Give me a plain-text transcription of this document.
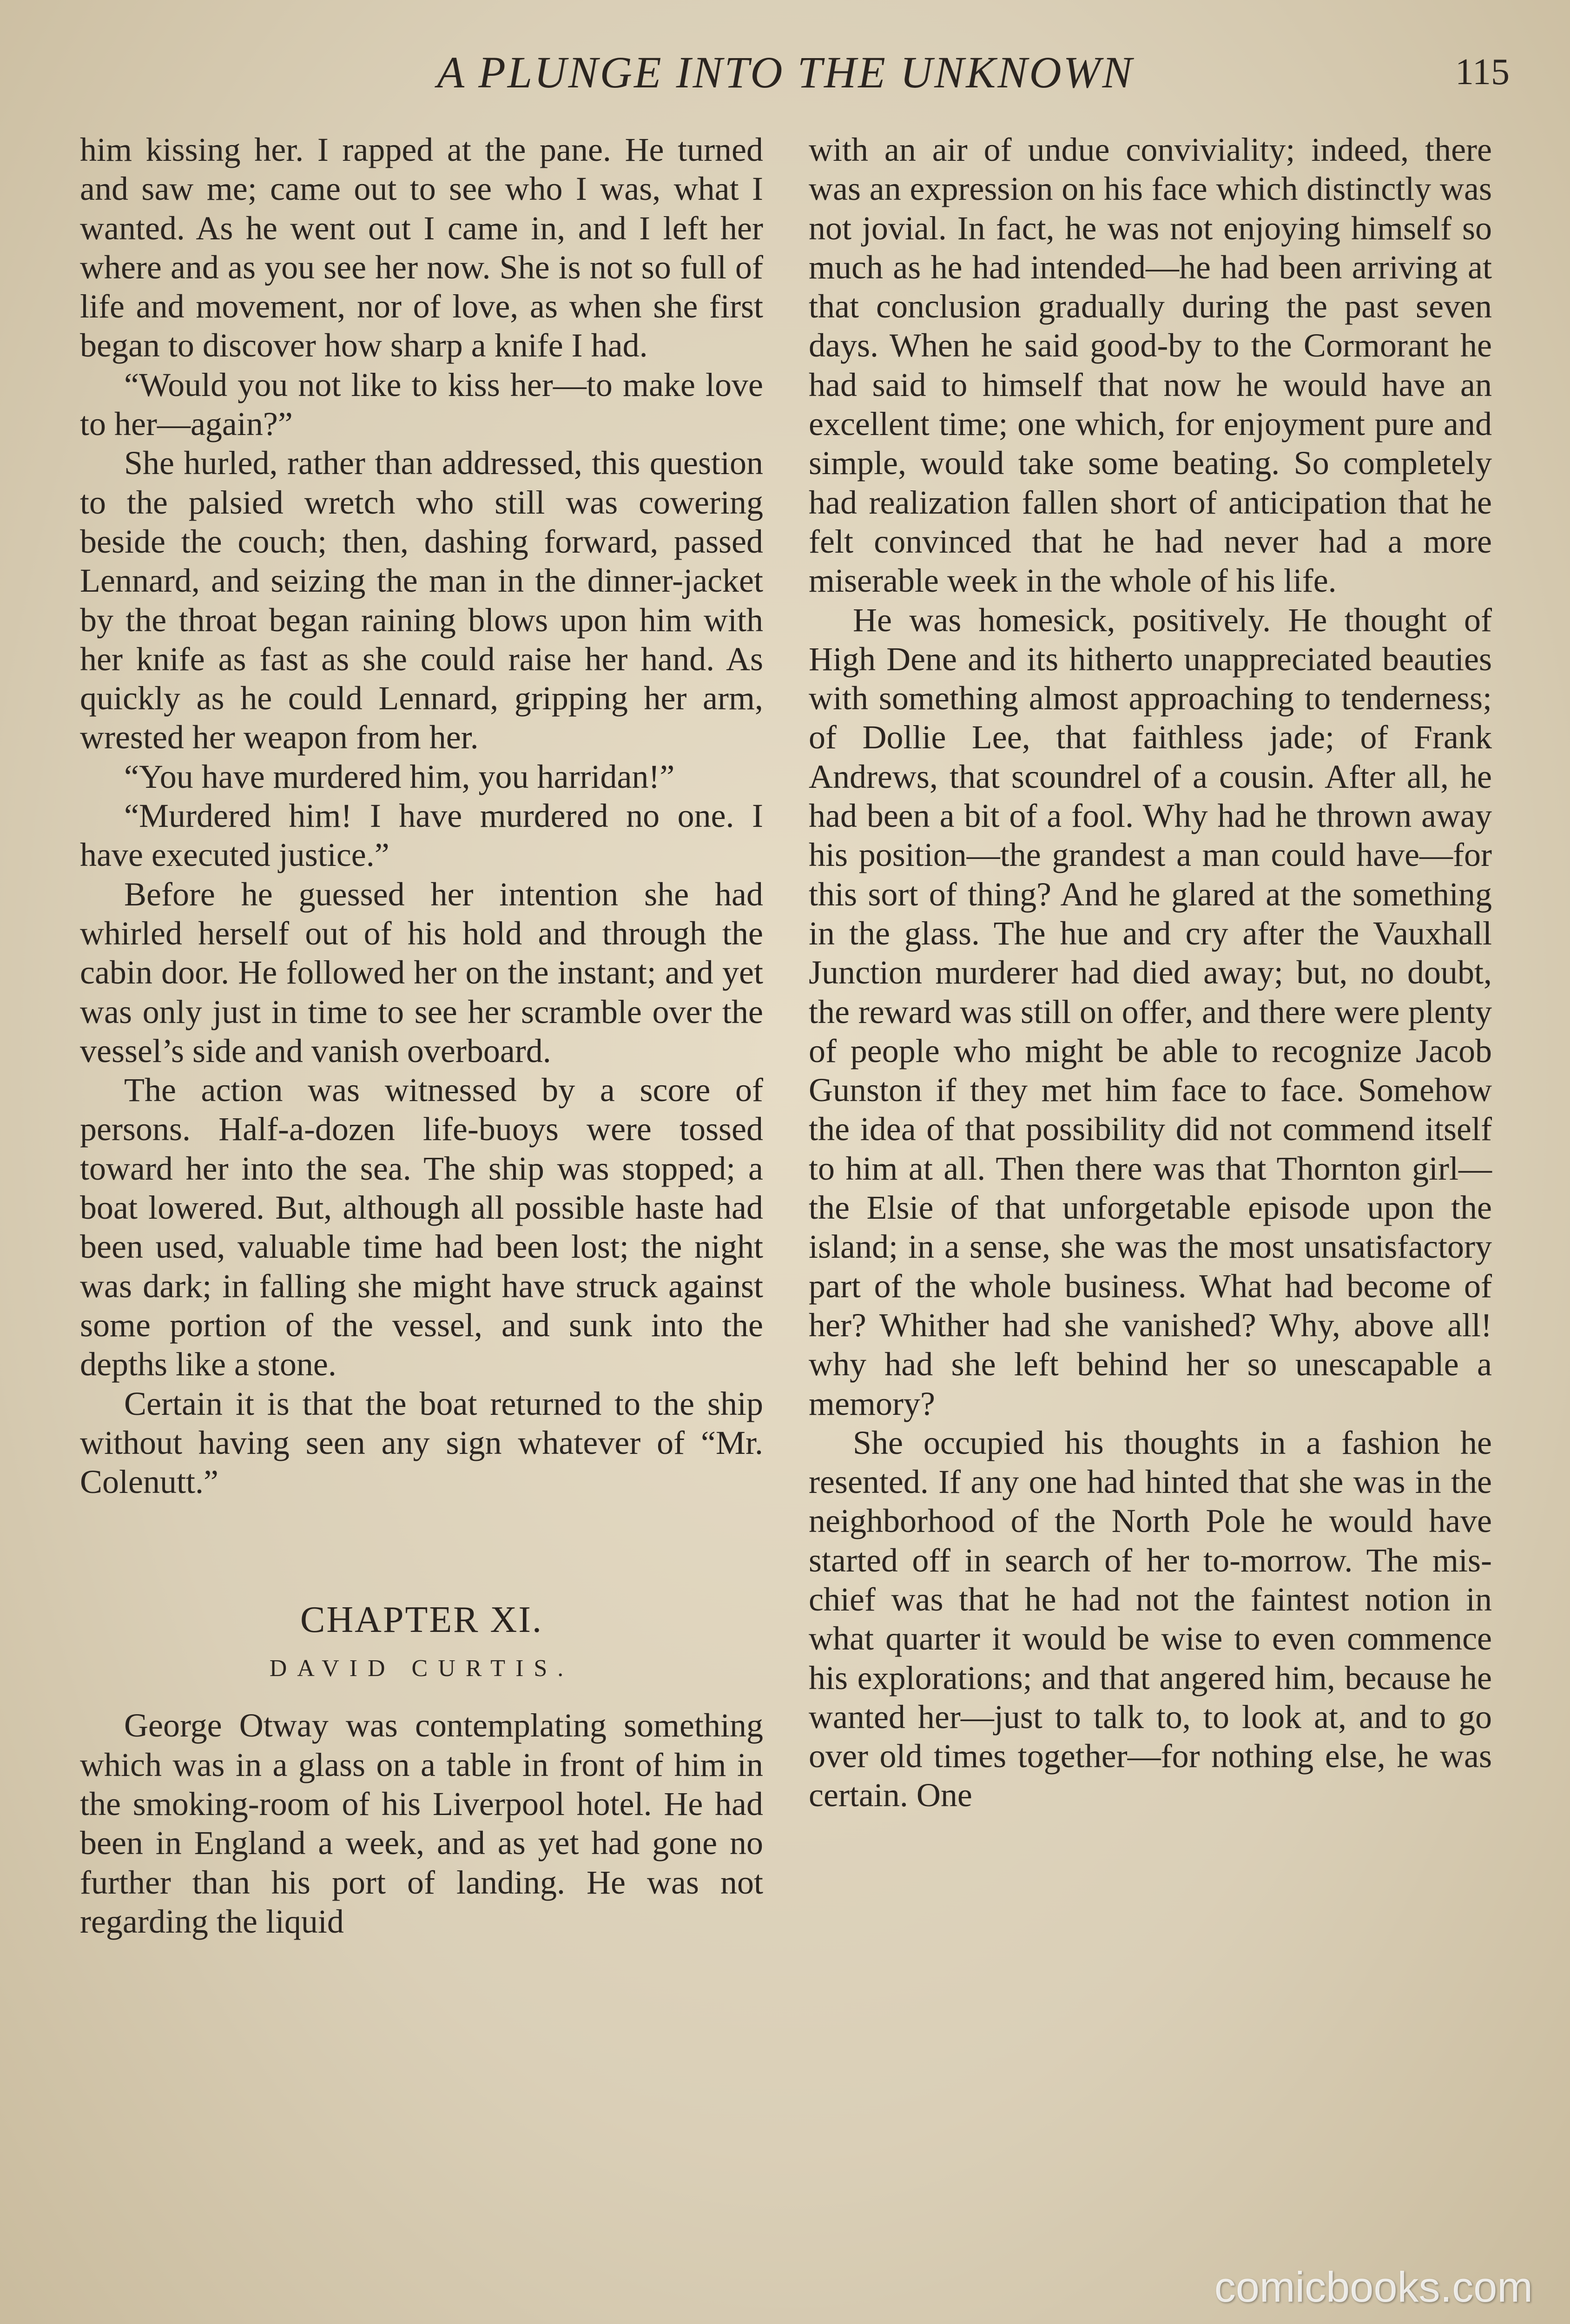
A PLUNGE INTO THE UNKNOWN	115

him kissing her. I rapped at the pane. He turned and saw me; came out to see who I was, what I wanted. As he went out I came in, and I left her where and as you see her now. She is not so full of life and movement, nor of love, as when she first began to discover how sharp a knife I had.

“Would you not like to kiss her—to make love to her—again?”

She hurled, rather than addressed, this question to the palsied wretch who still was cowering beside the couch; then, dashing forward, passed Lennard, and seizing the man in the dinner-jacket by the throat began raining blows upon him with her knife as fast as she could raise her hand. As quickly as he could Lennard, gripping her arm, wrested her weapon from her.

“You have murdered him, you harridan!”

“Murdered him! I have murdered no one. I have executed justice.”

Before he guessed her intention she had whirled herself out of his hold and through the cabin door. He followed her on the instant; and yet was only just in time to see her scramble over the vessel’s side and vanish overboard.

The action was witnessed by a score of persons. Half-a-dozen life-buoys were tossed toward her into the sea. The ship was stopped; a boat lowered. But, although all possible haste had been used, valuable time had been lost; the night was dark; in falling she might have struck against some portion of the vessel, and sunk into the depths like a stone.

Certain it is that the boat returned to the ship without having seen any sign whatever of “Mr. Colenutt.”

CHAPTER XI.
DAVID CURTIS.

George Otway was contemplating something which was in a glass on a table in front of him in the smoking-room of his Liverpool hotel. He had been in England a week, and as yet had gone no further than his port of landing. He was not regarding the liquid

with an air of undue conviviality; indeed, there was an expression on his face which distinctly was not jovial. In fact, he was not enjoying himself so much as he had intended—he had been arriving at that conclusion gradually during the past seven days. When he said good-by to the Cormorant he had said to himself that now he would have an excellent time; one which, for enjoyment pure and simple, would take some beating. So completely had realization fallen short of anticipation that he felt convinced that he had never had a more miserable week in the whole of his life.

He was homesick, positively. He thought of High Dene and its hitherto unappreciated beauties with something almost approaching to tenderness; of Dollie Lee, that faithless jade; of Frank Andrews, that scoundrel of a cousin. After all, he had been a bit of a fool. Why had he thrown away his position—the grandest a man could have—for this sort of thing? And he glared at the something in the glass. The hue and cry after the Vauxhall Junction murderer had died away; but, no doubt, the reward was still on offer, and there were plenty of people who might be able to recognize Jacob Gunston if they met him face to face. Somehow the idea of that possibility did not commend itself to him at all. Then there was that Thornton girl—the Elsie of that unforgetable episode upon the island; in a sense, she was the most unsatisfactory part of the whole business. What had become of her? Whither had she vanished? Why, above all! why had she left behind her so unescapable a memory?

She occupied his thoughts in a fashion he resented. If any one had hinted that she was in the neighborhood of the North Pole he would have started off in search of her to-morrow. The mischief was that he had not the faintest notion in what quarter it would be wise to even commence his explorations; and that angered him, because he wanted her—just to talk to, to look at, and to go over old times together—for nothing else, he was certain. One

comicbooks.com
